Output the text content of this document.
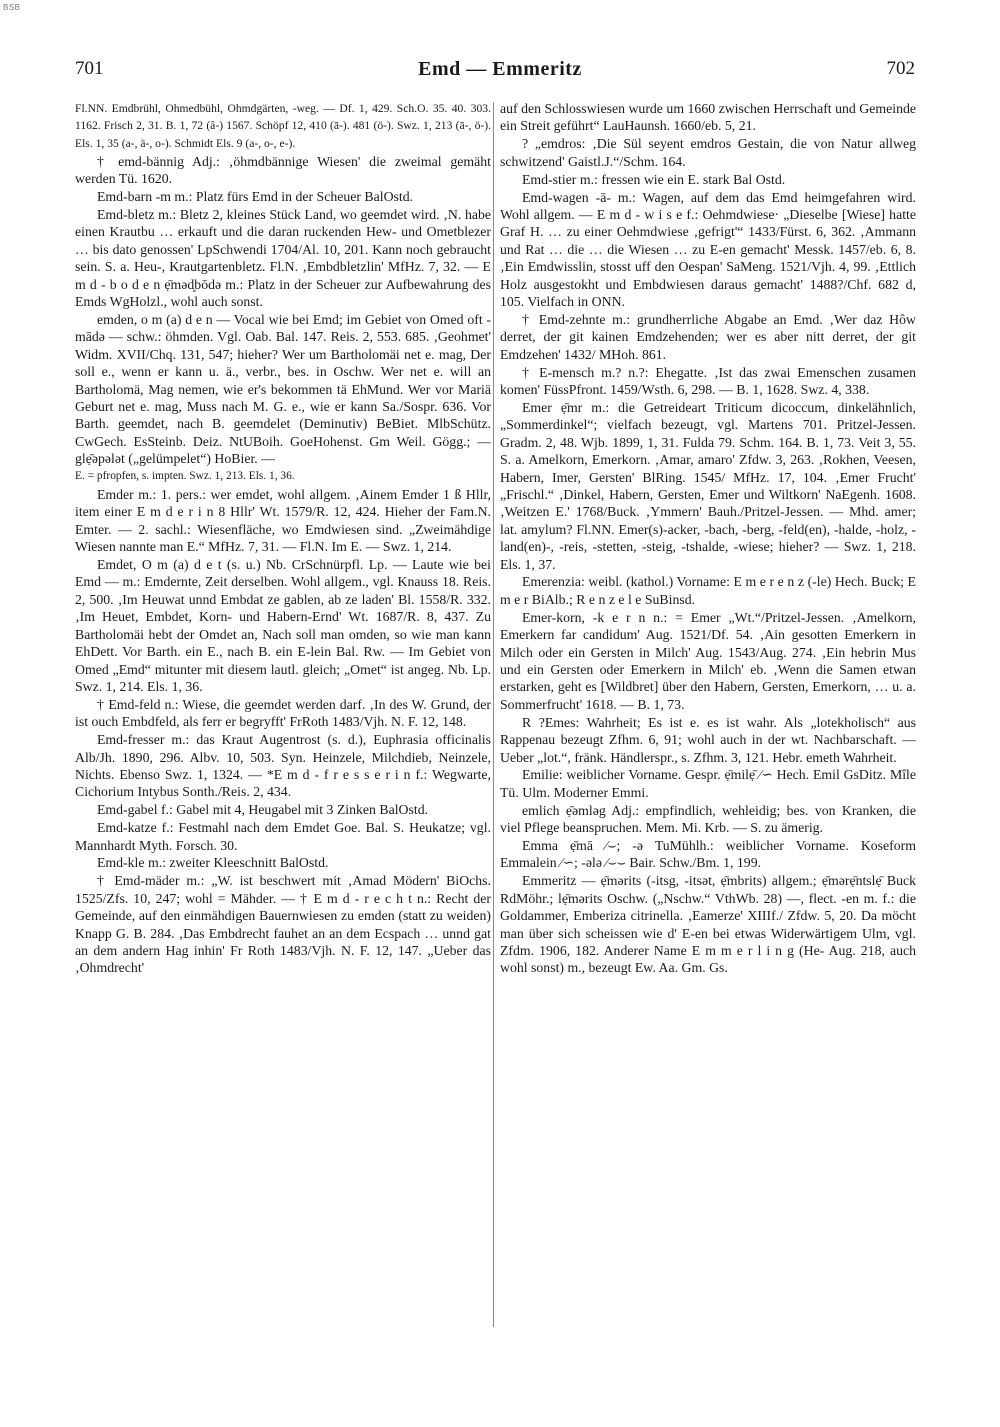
BSB
701	Emd — Emmeritz	702

Fl.NN. Emdbrühl, Ohmedbühl, Ohmdgärten, -weg. — Df. 1, 429. Sch.O. 35. 40. 303. 1162. Frisch 2, 31. B. 1, 72 (â-) 1567. Schöpf 12, 410 (ā-). 481 (ö-). Swz. 1, 213 (ā-, ö-). Els. 1, 35 (a-, ä-, o-). Schmidt Els. 9 (a-, o-, e-).

† emd-bännig Adj.: ‚öhmdbännige Wiesen' die zweimal gemäht werden Tü. 1620.

Emd-barn -m m.: Platz fürs Emd in der Scheuer BalOstd.

Emd-bletz m.: Bletz 2, kleines Stück Land, wo geemdet wird. ‚N. habe einen Krautbu … erkauft und die daran ruckenden Hew- und Ometblezer … bis dato genossen' LpSchwendi 1704/Al. 10, 201. Kann noch gebraucht sein. S. a. Heu-, Krautgartenbletz. Fl.N. ‚Embdbletzlin' MfHz. 7, 32. — E m d - b o d e n ẹ̄məd̥bōdə m.: Platz in der Scheuer zur Aufbewahrung des Emds WgHolzl., wohl auch sonst.

emden, o m (a) d e n — Vocal wie bei Emd; im Gebiet von Omed oft -mādə — schw.: öhmden. Vgl. Oab. Bal. 147. Reis. 2, 553. 685. ‚Geohmet' Widm. XVII/Chq. 131, 547; hieher? Wer um Bartholomäi net e. mag, Der soll e., wenn er kann u. ä., verbr., bes. in Oschw. Wer net e. will an Bartholomä, Mag nemen, wie er's bekommen tä EhMund. Wer vor Mariä Geburt net e. mag, Muss nach M. G. e., wie er kann Sa./Sospr. 636. Vor Barth. geemdet, nach B. geemdelet (Deminutiv) BeBiet. MlbSchütz. CwGech. EsSteinb. Deiz. NtUBoih. GoeHohenst. Gm Weil. Gögg.; — glẹ̄əpələt („gelümpelet“) HoBier. —

E. = pfropfen, s. impten. Swz. 1, 213. Els. 1, 36.

Emder m.: 1. pers.: wer emdet, wohl allgem. ‚Ainem Emder 1 ß Hllr, item einer E m d e r i n 8 Hllr' Wt. 1579/R. 12, 424. Hieher der Fam.N. Emter. — 2. sachl.: Wiesenfläche, wo Emdwiesen sind. „Zweimähdige Wiesen nannte man E.“ MfHz. 7, 31. — Fl.N. Im E. — Swz. 1, 214.

Emdet, O m (a) d e t (s. u.) Nb. CrSchnürpfl. Lp. — Laute wie bei Emd — m.: Emdernte, Zeit derselben. Wohl allgem., vgl. Knauss 18. Reis. 2, 500. ‚Im Heuwat unnd Embdat ze gablen, ab ze laden' Bl. 1558/R. 332. ‚Im Heuet, Embdet, Korn- und Habern-Ernd' Wt. 1687/R. 8, 437. Zu Bartholomäi hebt der Omdet an, Nach soll man omden, so wie man kann EhDett. Vor Barth. ein E., nach B. ein E-lein Bal. Rw. — Im Gebiet von Omed „Emd“ mitunter mit diesem lautl. gleich; „Omet“ ist angeg. Nb. Lp. Swz. 1, 214. Els. 1, 36.

† Emd-feld n.: Wiese, die geemdet werden darf. ‚In des W. Grund, der ist ouch Embdfeld, als ferr er begryfft' FrRoth 1483/Vjh. N. F. 12, 148.

Emd-fresser m.: das Kraut Augentrost (s. d.), Euphrasia officinalis Alb/Jh. 1890, 296. Albv. 10, 503. Syn. Heinzele, Milchdieb, Neinzele, Nichts. Ebenso Swz. 1, 1324. — *E m d - f r e s s e r i n f.: Wegwarte, Cichorium Intybus Sonth./Reis. 2, 434.

Emd-gabel f.: Gabel mit 4, Heugabel mit 3 Zinken BalOstd.

Emd-katze f.: Festmahl nach dem Emdet Goe. Bal. S. Heukatze; vgl. Mannhardt Myth. Forsch. 30.

Emd-kle m.: zweiter Kleeschnitt BalOstd.

† Emd-mäder m.: „W. ist beschwert mit ‚Amad Mödern' BiOchs. 1525/Zfs. 10, 247; wohl = Mähder. — † E m d - r e c h t n.: Recht der Gemeinde, auf den einmähdigen Bauernwiesen zu emden (statt zu weiden) Knapp G. B. 284. ‚Das Embdrecht fauhet an an dem Ecspach … unnd gat an dem andern Hag inhin' Fr Roth 1483/Vjh. N. F. 12, 147. „Ueber das ‚Ohmdrecht'

auf den Schlosswiesen wurde um 1660 zwischen Herrschaft und Gemeinde ein Streit geführt“ LauHaunsh. 1660/eb. 5, 21.

? „emdros: ‚Die Sül seyent emdros Gestain, die von Natur allweg schwitzend' Gaistl.J.“/Schm. 164.

Emd-stier m.: fressen wie ein E. stark Bal Ostd.

Emd-wagen -ā- m.: Wagen, auf dem das Emd heimgefahren wird. Wohl allgem. — E m d - w i s e f.: Oehmdwiese· „Dieselbe [Wiese] hatte Graf H. … zu einer Oehmdwiese ‚gefrigt'“ 1433/Fürst. 6, 362. ‚Ammann und Rat … die … die Wiesen … zu E-en gemacht' Messk. 1457/eb. 6, 8. ‚Ein Emdwisslin, stosst uff den Oespan' SaMeng. 1521/Vjh. 4, 99. ‚Ettlich Holz ausgestokht und Embdwiesen daraus gemacht' 1488?/Chf. 682 d, 105. Vielfach in ONN.

† Emd-zehnte m.: grundherrliche Abgabe an Emd. ‚Wer daz Hôw derret, der git kainen Emdzehenden; wer es aber nitt derret, der git Emdzehen' 1432/ MHoh. 861.

† E-mensch m.? n.?: Ehegatte. ‚Ist das zwai Emenschen zusamen komen' FüssPfront. 1459/Wsth. 6, 298. — B. 1, 1628. Swz. 4, 338.

Emer ẹ̄mr m.: die Getreideart Triticum dicoccum, dinkelähnlich, „Sommerdinkel“; vielfach bezeugt, vgl. Martens 701. Pritzel-Jessen. Gradm. 2, 48. Wjb. 1899, 1, 31. Fulda 79. Schm. 164. B. 1, 73. Veit 3, 55. S. a. Amelkorn, Emerkorn. ‚Amar, amaro' Zfdw. 3, 263. ‚Rokhen, Veesen, Habern, Imer, Gersten' BlRing. 1545/ MfHz. 17, 104. ‚Emer Frucht' „Frischl.“ ‚Dinkel, Habern, Gersten, Emer und Wiltkorn' NaEgenh. 1608. ‚Weitzen E.' 1768/Buck. ‚Ymmern' Bauh./Pritzel-Jessen. — Mhd. amer; lat. amylum? Fl.NN. Emer(s)-acker, -bach, -berg, -feld(en), -halde, -holz, -land(en)-, -reis, -stetten, -steig, -tshalde, -wiese; hieher? — Swz. 1, 218. Els. 1, 37.

Emerenzia: weibl. (kathol.) Vorname: E m e r e n z (-le) Hech. Buck; E m e r BiAlb.; R e n z e l e SuBinsd.

Emer-korn, -k e r n n.: = Emer „Wt.“/Pritzel-Jessen. ‚Amelkorn, Emerkern far candidum' Aug. 1521/Df. 54. ‚Ain gesotten Emerkern in Milch oder ein Gersten in Milch' Aug. 1543/Aug. 274. ‚Ein hebrin Mus und ein Gersten oder Emerkern in Milch' eb. ‚Wenn die Samen etwan erstarken, geht es [Wildbret] über den Habern, Gersten, Emerkorn, … u. a. Sommerfrucht' 1618. — B. 1, 73.

R ?Emes: Wahrheit; Es ist e. es ist wahr. Als „lotekholisch“ aus Rappenau bezeugt Zfhm. 6, 91; wohl auch in der wt. Nachbarschaft. — Ueber „lot.“, fränk. Händlerspr., s. Zfhm. 3, 121. Hebr. emeth Wahrheit.

Emilie: weiblicher Vorname. Gespr. ẹ̄milẹ̄ ∕∽ Hech. Emil GsDitz. Mîle Tü. Ulm. Moderner Emmi.

emlich ẹ̄əmləg Adj.: empfindlich, wehleidig; bes. von Kranken, die viel Pflege beanspruchen. Mem. Mi. Krb. — S. zu ämerig.

Emma ẹ̄mā ∕⌣; -ə TuMühlh.: weiblicher Vorname. Koseform Emmalein ∕∽; -ələ ∕⌣⌣ Bair. Schw./Bm. 1, 199.

Emmeritz — ẹ̄mərits (-itsg, -itsət, ẹ̄mbrits) allgem.; ẹ̄mərẹ̄ntslẹ̄ Buck RdMöhr.; lẹ̄mərits Oschw. („Nschw.“ VthWb. 28) —, flect. -en m. f.: die Goldammer, Emberiza citrinella. ‚Eamerze' XIIIf./ Zfdw. 5, 20. Da möcht man über sich scheissen wie d' E-en bei etwas Widerwärtigem Ulm, vgl. Zfdm. 1906, 182. Anderer Name E m m e r l i n g (He- Aug. 218, auch wohl sonst) m., bezeugt Ew. Aa. Gm. Gs.
